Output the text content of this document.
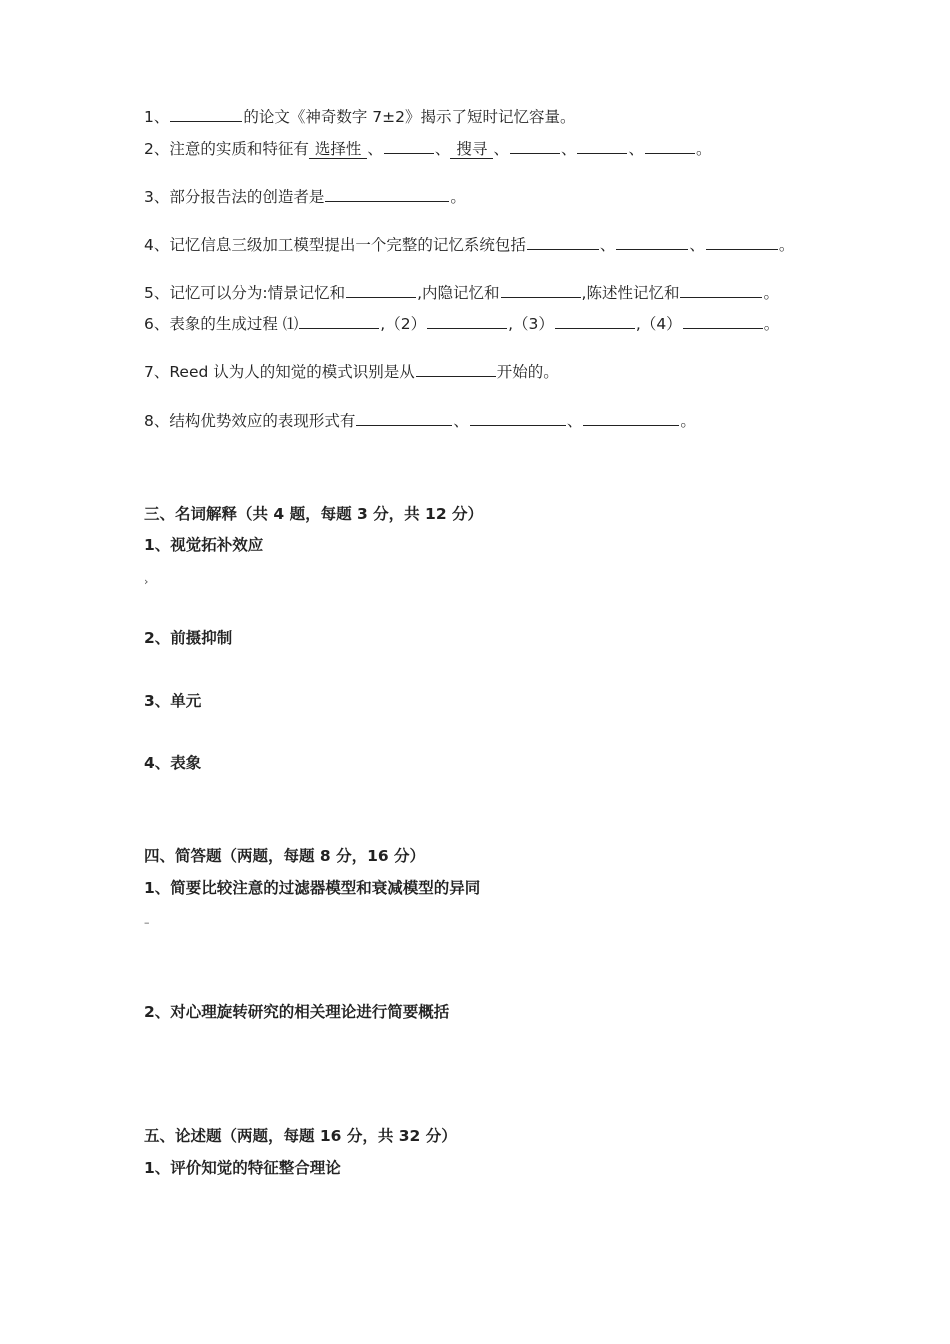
1、	的论文《神奇数字 7±2》揭示了短时记忆容量。
2、注意的实质和特征有 选择性 、	、 搜寻 、	、	、	。
3、部分报告法的创造者是	。
4、记忆信息三级加工模型提出一个完整的记忆系统包括	、	、	。
5、记忆可以分为:情景记忆和	,内隐记忆和	,陈述性记忆和	。
6、表象的生成过程 ⑴	,（2）	,（3）	,（4）	。
7、Reed 认为人的知觉的模式识别是从	开始的。
8、结构优势效应的表现形式有	、	、	。
三、名词解释（共 4 题，每题 3 分，共 12 分）
1、视觉拓补效应
›
2、前摄抑制
3、单元
4、表象
四、简答题（两题，每题 8 分，16 分）
1、简要比较注意的过滤器模型和衰减模型的异同
–
2、对心理旋转研究的相关理论进行简要概括
五、论述题（两题，每题 16 分，共 32 分）
1、评价知觉的特征整合理论
